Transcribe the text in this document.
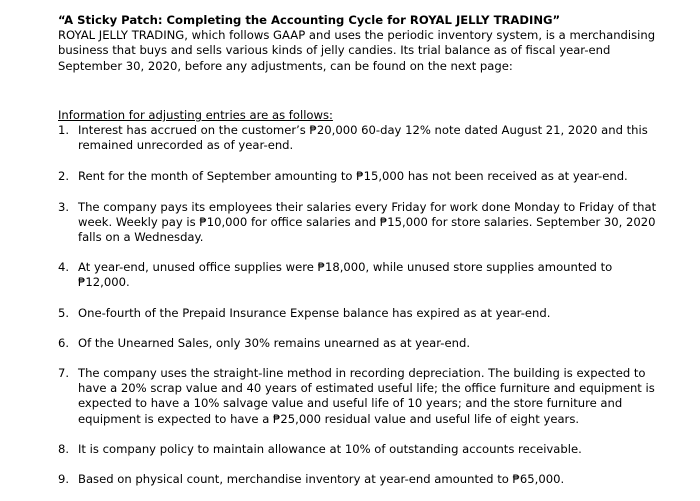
“A Sticky Patch: Completing the Accounting Cycle for ROYAL JELLY TRADING”

ROYAL JELLY TRADING, which follows GAAP and uses the periodic inventory system, is a merchandising business that buys and sells various kinds of jelly candies. Its trial balance as of fiscal year-end September 30, 2020, before any adjustments, can be found on the next page:

Information for adjusting entries are as follows:

1. Interest has accrued on the customer’s ₱20,000 60-day 12% note dated August 21, 2020 and this remained unrecorded as of year-end.
2. Rent for the month of September amounting to ₱15,000 has not been received as at year-end.
3. The company pays its employees their salaries every Friday for work done Monday to Friday of that week. Weekly pay is ₱10,000 for office salaries and ₱15,000 for store salaries. September 30, 2020 falls on a Wednesday.
4. At year-end, unused office supplies were ₱18,000, while unused store supplies amounted to ₱12,000.
5. One-fourth of the Prepaid Insurance Expense balance has expired as at year-end.
6. Of the Unearned Sales, only 30% remains unearned as at year-end.
7. The company uses the straight-line method in recording depreciation. The building is expected to have a 20% scrap value and 40 years of estimated useful life; the office furniture and equipment is expected to have a 10% salvage value and useful life of 10 years; and the store furniture and equipment is expected to have a ₱25,000 residual value and useful life of eight years.
8. It is company policy to maintain allowance at 10% of outstanding accounts receivable.
9. Based on physical count, merchandise inventory at year-end amounted to ₱65,000.
